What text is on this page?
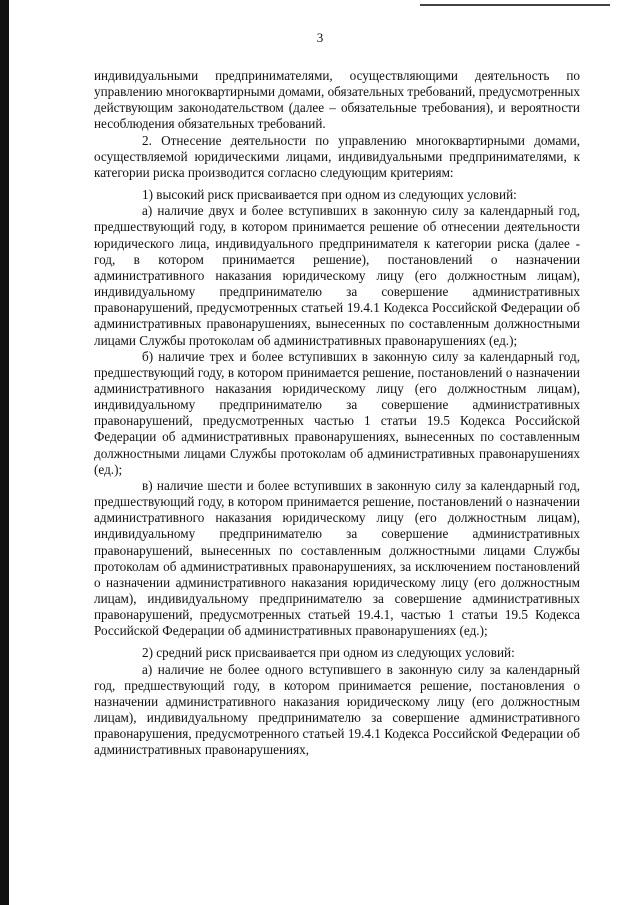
3

индивидуальными предпринимателями, осуществляющими деятельность по управлению многоквартирными домами, обязательных требований, предусмотренных действующим законодательством (далее – обязательные требования), и вероятности несоблюдения обязательных требований.

2. Отнесение деятельности по управлению многоквартирными домами, осуществляемой юридическими лицами, индивидуальными предпринимателями, к категории риска производится согласно следующим критериям:

1) высокий риск присваивается при одном из следующих условий:

а) наличие двух и более вступивших в законную силу за календарный год, предшествующий году, в котором принимается решение об отнесении деятельности юридического лица, индивидуального предпринимателя к категории риска (далее - год, в котором принимается решение), постановлений о назначении административного наказания юридическому лицу (его должностным лицам), индивидуальному предпринимателю за совершение административных правонарушений, предусмотренных статьей 19.4.1 Кодекса Российской Федерации об административных правонарушениях, вынесенных по составленным должностными лицами Службы протоколам об административных правонарушениях (ед.);

б) наличие трех и более вступивших в законную силу за календарный год, предшествующий году, в котором принимается решение, постановлений о назначении административного наказания юридическому лицу (его должностным лицам), индивидуальному предпринимателю за совершение административных правонарушений, предусмотренных частью 1 статьи 19.5 Кодекса Российской Федерации об административных правонарушениях, вынесенных по составленным должностными лицами Службы протоколам об административных правонарушениях (ед.);

в) наличие шести и более вступивших в законную силу за календарный год, предшествующий году, в котором принимается решение, постановлений о назначении административного наказания юридическому лицу (его должностным лицам), индивидуальному предпринимателю за совершение административных правонарушений, вынесенных по составленным должностными лицами Службы протоколам об административных правонарушениях, за исключением постановлений о назначении административного наказания юридическому лицу (его должностным лицам), индивидуальному предпринимателю за совершение административных правонарушений, предусмотренных статьей 19.4.1, частью 1 статьи 19.5 Кодекса Российской Федерации об административных правонарушениях (ед.);

2) средний риск присваивается при одном из следующих условий:

а) наличие не более одного вступившего в законную силу за календарный год, предшествующий году, в котором принимается решение, постановления о назначении административного наказания юридическому лицу (его должностным лицам), индивидуальному предпринимателю за совершение административного правонарушения, предусмотренного статьей 19.4.1 Кодекса Российской Федерации об административных правонарушениях,
